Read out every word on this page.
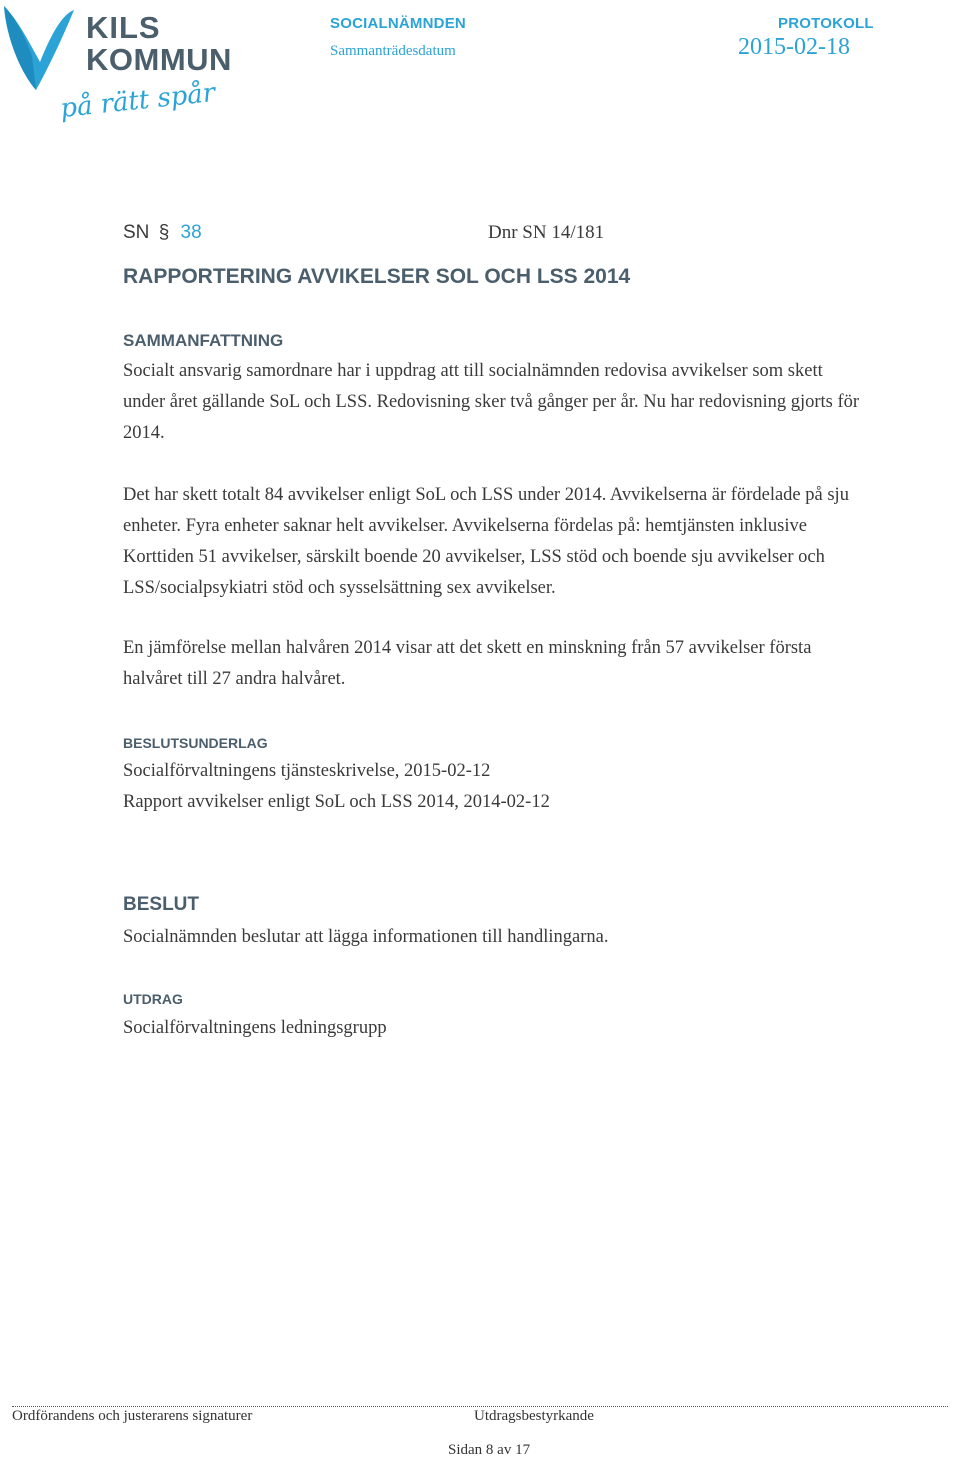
KILS
KOMMUN
på rätt spår
SOCIALNÄMNDEN
Sammanträdesdatum
PROTOKOLL
2015-02-18
SN § 38	Dnr SN 14/181
RAPPORTERING AVVIKELSER SOL OCH LSS 2014
SAMMANFATTNING
Socialt ansvarig samordnare har i uppdrag att till socialnämnden redovisa avvikelser som skett
under året gällande SoL och LSS. Redovisning sker två gånger per år. Nu har redovisning gjorts för
2014.
Det har skett totalt 84 avvikelser enligt SoL och LSS under 2014. Avvikelserna är fördelade på sju
enheter. Fyra enheter saknar helt avvikelser. Avvikelserna fördelas på: hemtjänsten inklusive
Korttiden 51 avvikelser, särskilt boende 20 avvikelser, LSS stöd och boende sju avvikelser och
LSS/socialpsykiatri stöd och sysselsättning sex avvikelser.
En jämförelse mellan halvåren 2014 visar att det skett en minskning från 57 avvikelser första
halvåret till 27 andra halvåret.
BESLUTSUNDERLAG
Socialförvaltningens tjänsteskrivelse, 2015-02-12
Rapport avvikelser enligt SoL och LSS 2014, 2014-02-12
BESLUT
Socialnämnden beslutar att lägga informationen till handlingarna.
UTDRAG
Socialförvaltningens ledningsgrupp
Ordförandens och justerarens signaturer	Utdragsbestyrkande
Sidan 8 av 17
